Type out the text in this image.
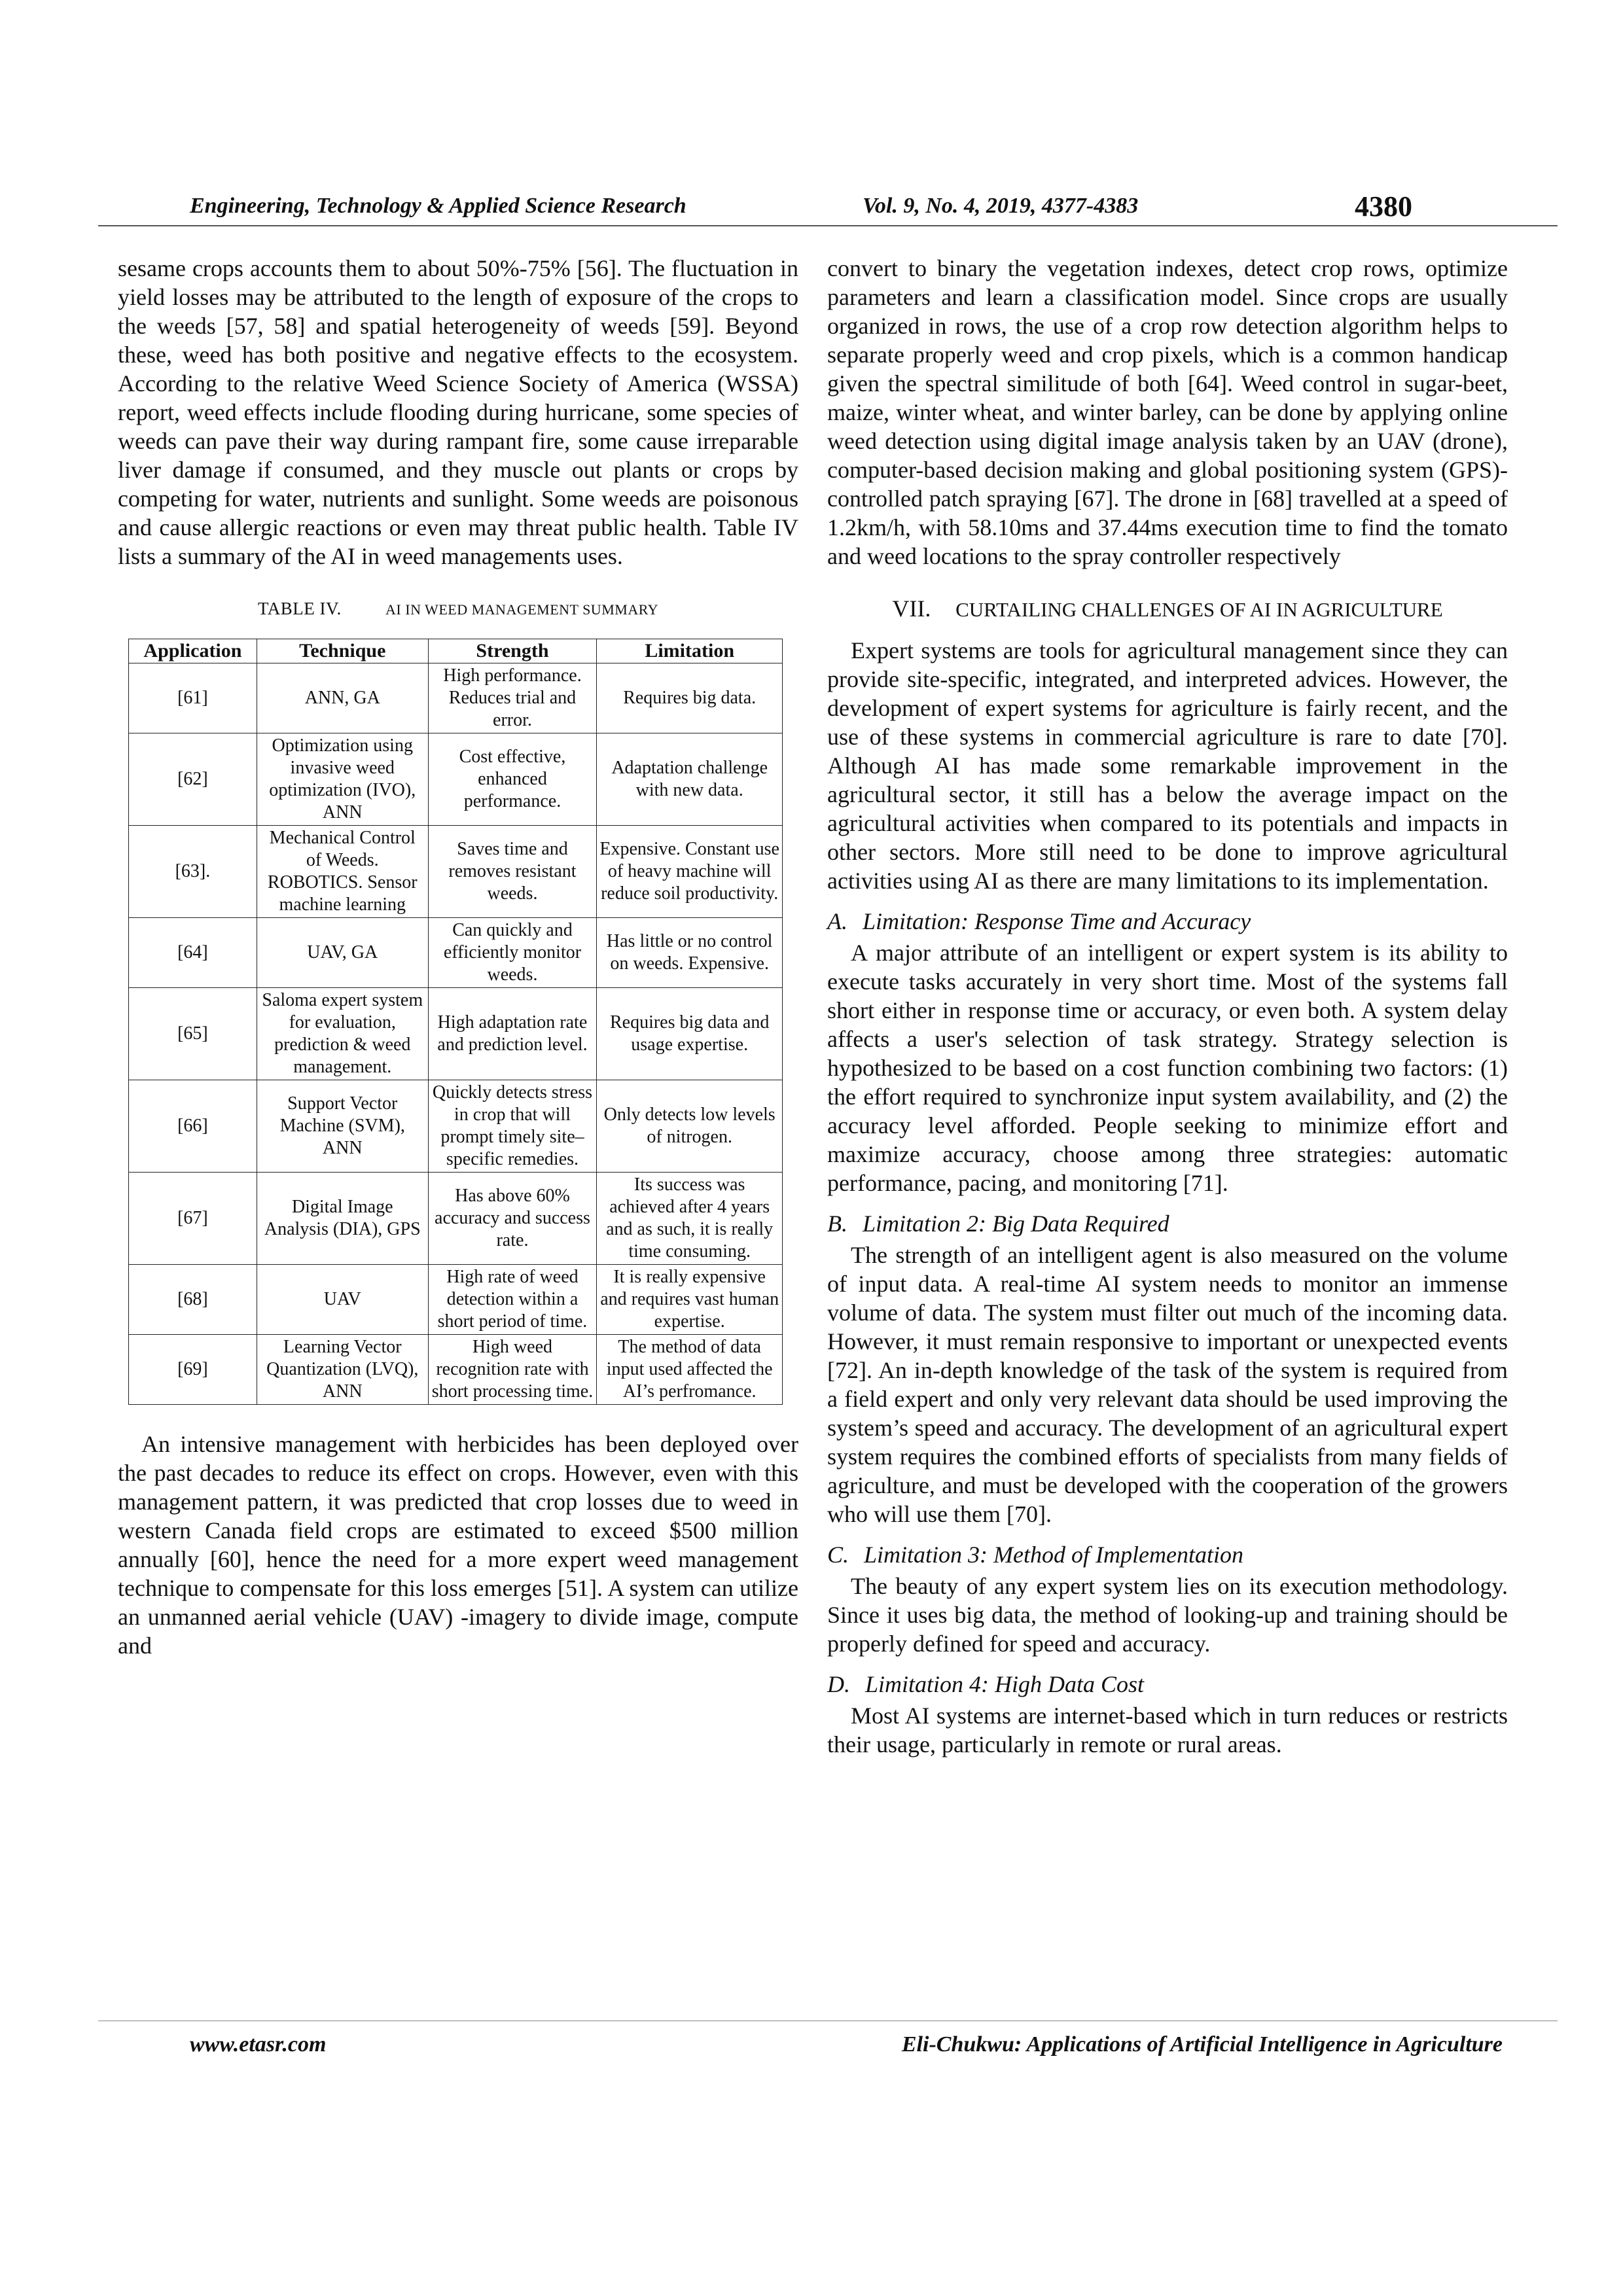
Engineering, Technology & Applied Science Research	Vol. 9, No. 4, 2019, 4377-4383	4380

sesame crops accounts them to about 50%-75% [56]. The fluctuation in yield losses may be attributed to the length of exposure of the crops to the weeds [57, 58] and spatial heterogeneity of weeds [59]. Beyond these, weed has both positive and negative effects to the ecosystem. According to the relative Weed Science Society of America (WSSA) report, weed effects include flooding during hurricane, some species of weeds can pave their way during rampant fire, some cause irreparable liver damage if consumed, and they muscle out plants or crops by competing for water, nutrients and sunlight. Some weeds are poisonous and cause allergic reactions or even may threat public health. Table IV lists a summary of the AI in weed managements uses.

TABLE IV.	AI IN WEED MANAGEMENT SUMMARY
Application	Technique	Strength	Limitation
[61]	ANN, GA	High performance. Reduces trial and error.	Requires big data.
[62]	Optimization using invasive weed optimization (IVO), ANN	Cost effective, enhanced performance.	Adaptation challenge with new data.
[63].	Mechanical Control of Weeds. ROBOTICS. Sensor machine learning	Saves time and removes resistant weeds.	Expensive. Constant use of heavy machine will reduce soil productivity.
[64]	UAV, GA	Can quickly and efficiently monitor weeds.	Has little or no control on weeds. Expensive.
[65]	Saloma expert system for evaluation, prediction & weed management.	High adaptation rate and prediction level.	Requires big data and usage expertise.
[66]	Support Vector Machine (SVM), ANN	Quickly detects stress in crop that will prompt timely site–specific remedies.	Only detects low levels of nitrogen.
[67]	Digital Image Analysis (DIA), GPS	Has above 60% accuracy and success rate.	Its success was achieved after 4 years and as such, it is really time consuming.
[68]	UAV	High rate of weed detection within a short period of time.	It is really expensive and requires vast human expertise.
[69]	Learning Vector Quantization (LVQ), ANN	High weed recognition rate with short processing time.	The method of data input used affected the AI’s perfromance.

An intensive management with herbicides has been deployed over the past decades to reduce its effect on crops. However, even with this management pattern, it was predicted that crop losses due to weed in western Canada field crops are estimated to exceed $500 million annually [60], hence the need for a more expert weed management technique to compensate for this loss emerges [51]. A system can utilize an unmanned aerial vehicle (UAV) -imagery to divide image, compute and

convert to binary the vegetation indexes, detect crop rows, optimize parameters and learn a classification model. Since crops are usually organized in rows, the use of a crop row detection algorithm helps to separate properly weed and crop pixels, which is a common handicap given the spectral similitude of both [64]. Weed control in sugar-beet, maize, winter wheat, and winter barley, can be done by applying online weed detection using digital image analysis taken by an UAV (drone), computer-based decision making and global positioning system (GPS)-controlled patch spraying [67]. The drone in [68] travelled at a speed of 1.2km/h, with 58.10ms and 37.44ms execution time to find the tomato and weed locations to the spray controller respectively

VII. CURTAILING CHALLENGES OF AI IN AGRICULTURE

Expert systems are tools for agricultural management since they can provide site-specific, integrated, and interpreted advices. However, the development of expert systems for agriculture is fairly recent, and the use of these systems in commercial agriculture is rare to date [70]. Although AI has made some remarkable improvement in the agricultural sector, it still has a below the average impact on the agricultural activities when compared to its potentials and impacts in other sectors. More still need to be done to improve agricultural activities using AI as there are many limitations to its implementation.

A. Limitation: Response Time and Accuracy

A major attribute of an intelligent or expert system is its ability to execute tasks accurately in very short time. Most of the systems fall short either in response time or accuracy, or even both. A system delay affects a user's selection of task strategy. Strategy selection is hypothesized to be based on a cost function combining two factors: (1) the effort required to synchronize input system availability, and (2) the accuracy level afforded. People seeking to minimize effort and maximize accuracy, choose among three strategies: automatic performance, pacing, and monitoring [71].

B. Limitation 2: Big Data Required

The strength of an intelligent agent is also measured on the volume of input data. A real-time AI system needs to monitor an immense volume of data. The system must filter out much of the incoming data. However, it must remain responsive to important or unexpected events [72]. An in-depth knowledge of the task of the system is required from a field expert and only very relevant data should be used improving the system’s speed and accuracy. The development of an agricultural expert system requires the combined efforts of specialists from many fields of agriculture, and must be developed with the cooperation of the growers who will use them [70].

C. Limitation 3: Method of Implementation

The beauty of any expert system lies on its execution methodology. Since it uses big data, the method of looking-up and training should be properly defined for speed and accuracy.

D. Limitation 4: High Data Cost

Most AI systems are internet-based which in turn reduces or restricts their usage, particularly in remote or rural areas.

www.etasr.com	Eli-Chukwu: Applications of Artificial Intelligence in Agriculture
